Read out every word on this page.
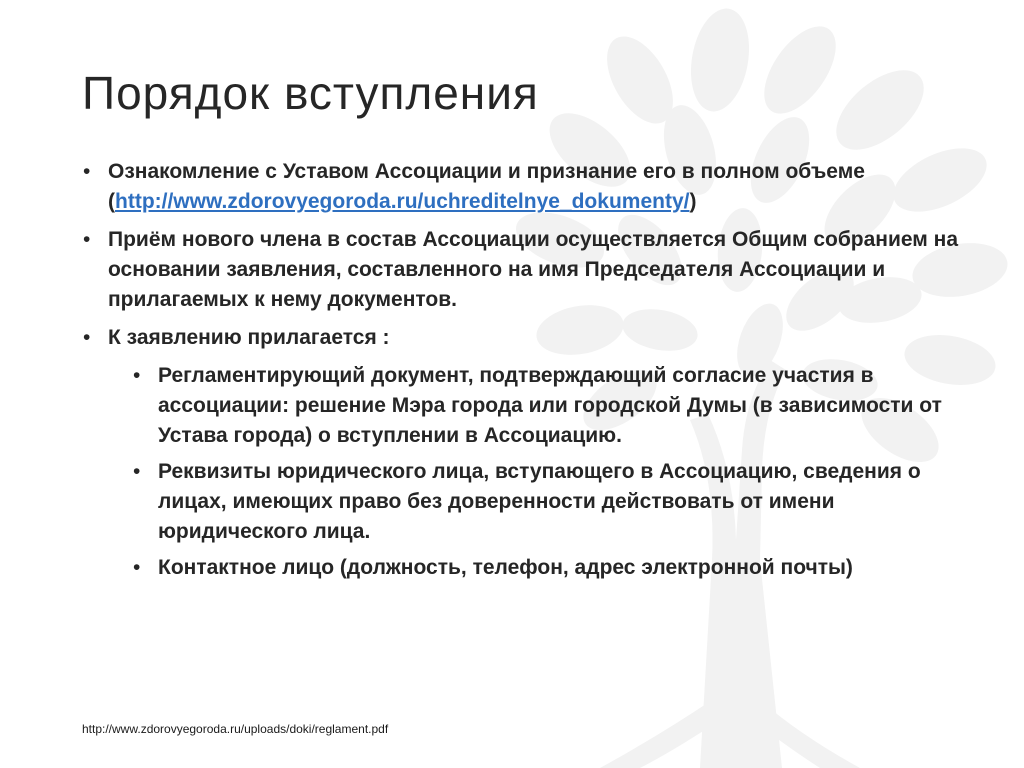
Порядок вступления
• Ознакомление с Уставом Ассоциации и признание его в полном объеме (http://www.zdorovyegoroda.ru/uchreditelnye_dokumenty/)
• Приём нового члена в состав Ассоциации осуществляется Общим собранием на основании заявления, составленного на имя Председателя Ассоциации и прилагаемых к нему документов.
• К заявлению прилагается :
• Регламентирующий документ, подтверждающий согласие участия в ассоциации: решение Мэра города или городской Думы (в зависимости от Устава города) о вступлении в Ассоциацию.
• Реквизиты юридического лица, вступающего в Ассоциацию, сведения о лицах, имеющих право без доверенности действовать от имени юридического лица.
• Контактное лицо (должность, телефон, адрес электронной почты)
http://www.zdorovyegoroda.ru/uploads/doki/reglament.pdf
